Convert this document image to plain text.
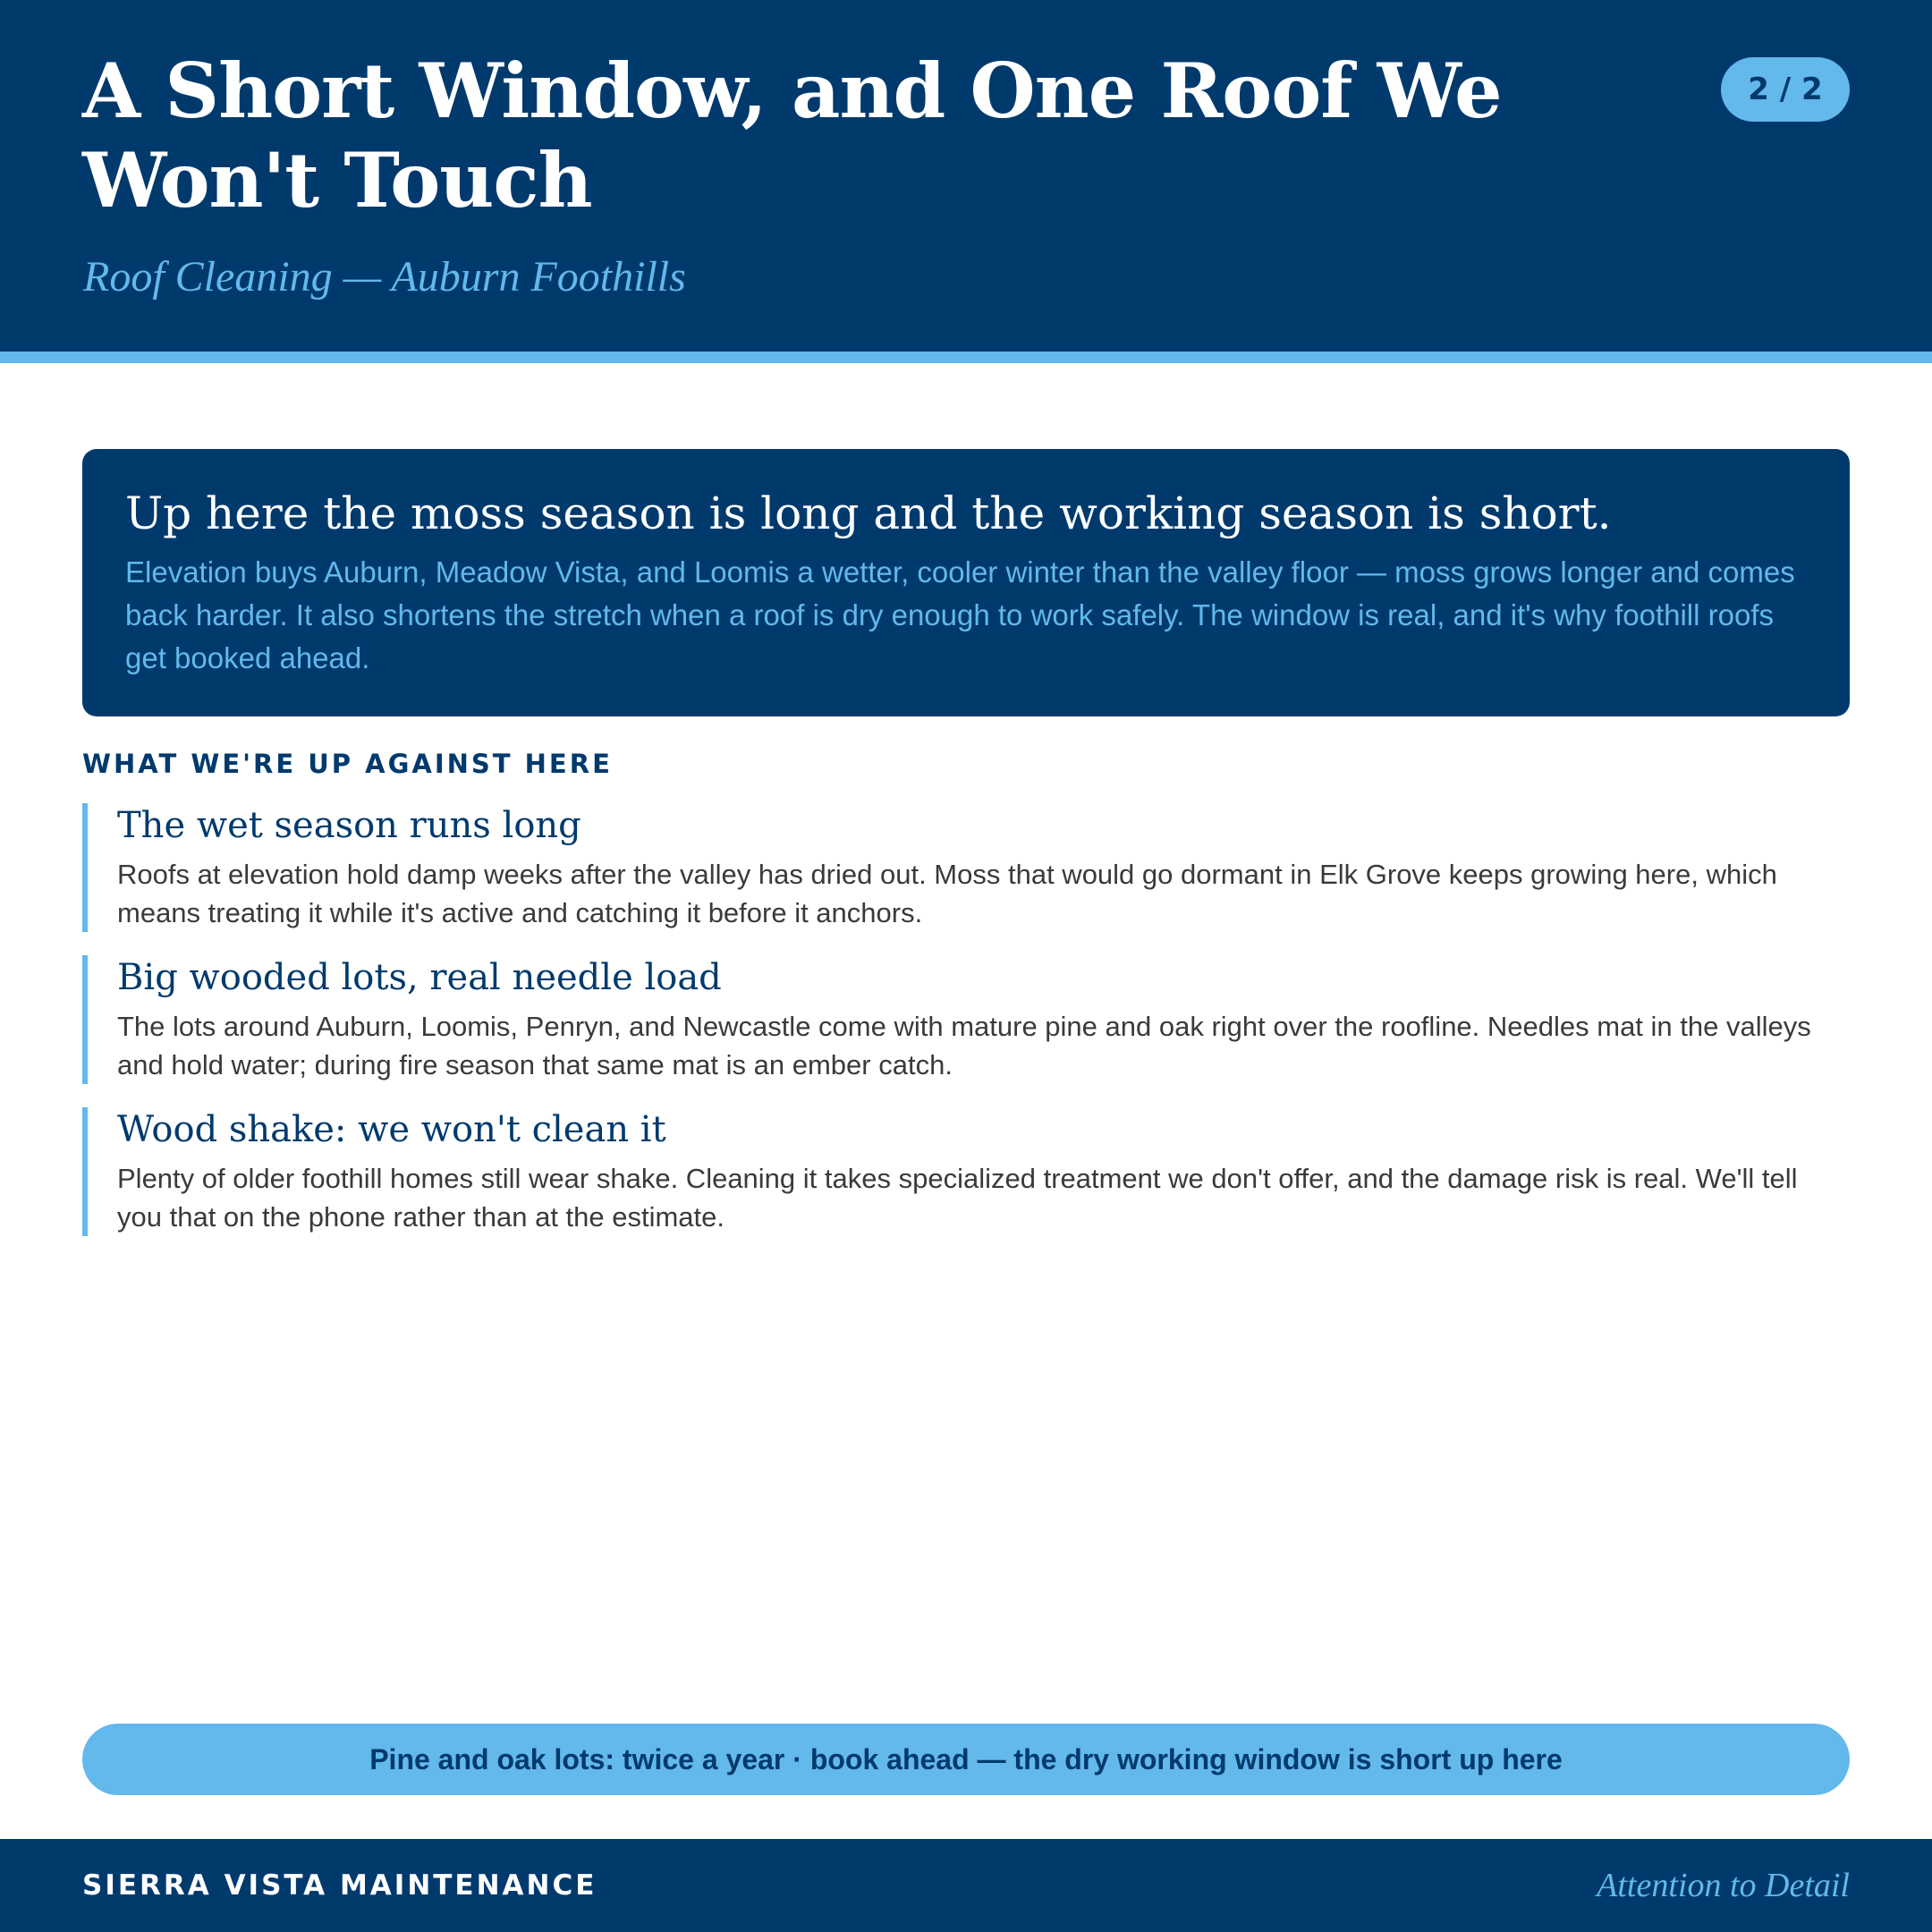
A Short Window, and One Roof We Won't Touch
Roof Cleaning — Auburn Foothills
2 / 2
Up here the moss season is long and the working season is short.

Elevation buys Auburn, Meadow Vista, and Loomis a wetter, cooler winter than the valley floor — moss grows longer and comes back harder. It also shortens the stretch when a roof is dry enough to work safely. The window is real, and it's why foothill roofs get booked ahead.

WHAT WE'RE UP AGAINST HERE
The wet season runs long

Roofs at elevation hold damp weeks after the valley has dried out. Moss that would go dormant in Elk Grove keeps growing here, which means treating it while it's active and catching it before it anchors.

Big wooded lots, real needle load

The lots around Auburn, Loomis, Penryn, and Newcastle come with mature pine and oak right over the roofline. Needles mat in the valleys and hold water; during fire season that same mat is an ember catch.

Wood shake: we won't clean it

Plenty of older foothill homes still wear shake. Cleaning it takes specialized treatment we don't offer, and the damage risk is real. We'll tell you that on the phone rather than at the estimate.

Pine and oak lots: twice a year · book ahead — the dry working window is short up here
SIERRA VISTA MAINTENANCE	Attention to Detail
